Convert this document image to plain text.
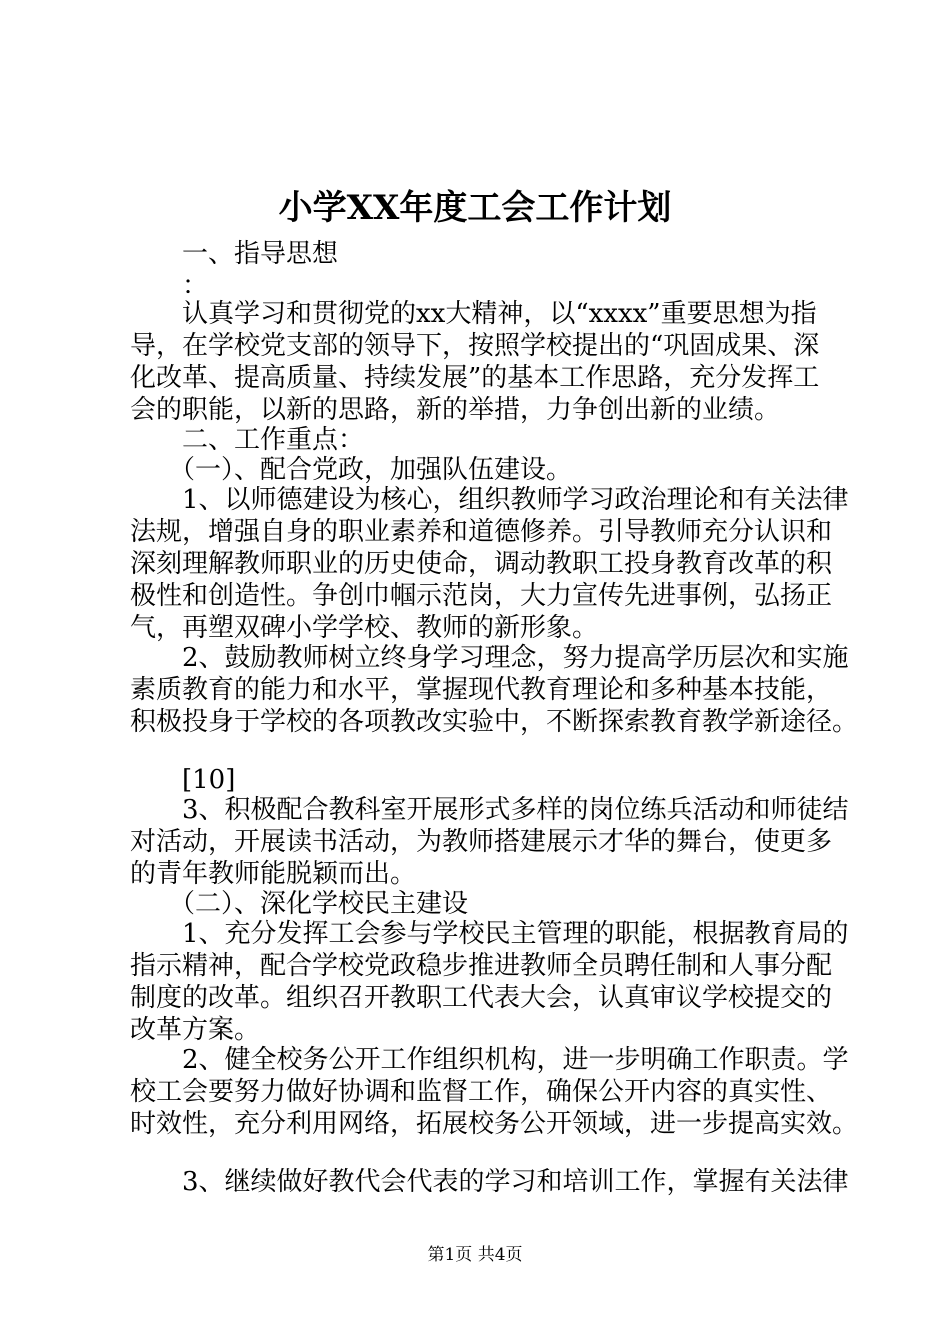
小学XX年度工会工作计划
　　一、指导思想
　　：
　　认真学习和贯彻党的xx大精神，以“xxxx”重要思想为指
导，在学校党支部的领导下，按照学校提出的“巩固成果、深
化改革、提高质量、持续发展”的基本工作思路，充分发挥工
会的职能，以新的思路，新的举措，力争创出新的业绩。
　　二、工作重点：
　　（一）、配合党政，加强队伍建设。
　　1、以师德建设为核心，组织教师学习政治理论和有关法律
法规，增强自身的职业素养和道德修养。引导教师充分认识和
深刻理解教师职业的历史使命，调动教职工投身教育改革的积
极性和创造性。争创巾帼示范岗，大力宣传先进事例，弘扬正
气，再塑双碑小学学校、教师的新形象。
　　2、鼓励教师树立终身学习理念，努力提高学历层次和实施
素质教育的能力和水平，掌握现代教育理论和多种基本技能，
积极投身于学校的各项教改实验中，不断探索教育教学新途径。
　　[10]
　　3、积极配合教科室开展形式多样的岗位练兵活动和师徒结
对活动，开展读书活动，为教师搭建展示才华的舞台，使更多
的青年教师能脱颖而出。
　　（二）、深化学校民主建设
　　1、充分发挥工会参与学校民主管理的职能，根据教育局的
指示精神，配合学校党政稳步推进教师全员聘任制和人事分配
制度的改革。组织召开教职工代表大会，认真审议学校提交的
改革方案。
　　2、健全校务公开工作组织机构，进一步明确工作职责。学
校工会要努力做好协调和监督工作，确保公开内容的真实性、
时效性，充分利用网络，拓展校务公开领域，进一步提高实效。
　　3、继续做好教代会代表的学习和培训工作，掌握有关法律
第1页 共4页
